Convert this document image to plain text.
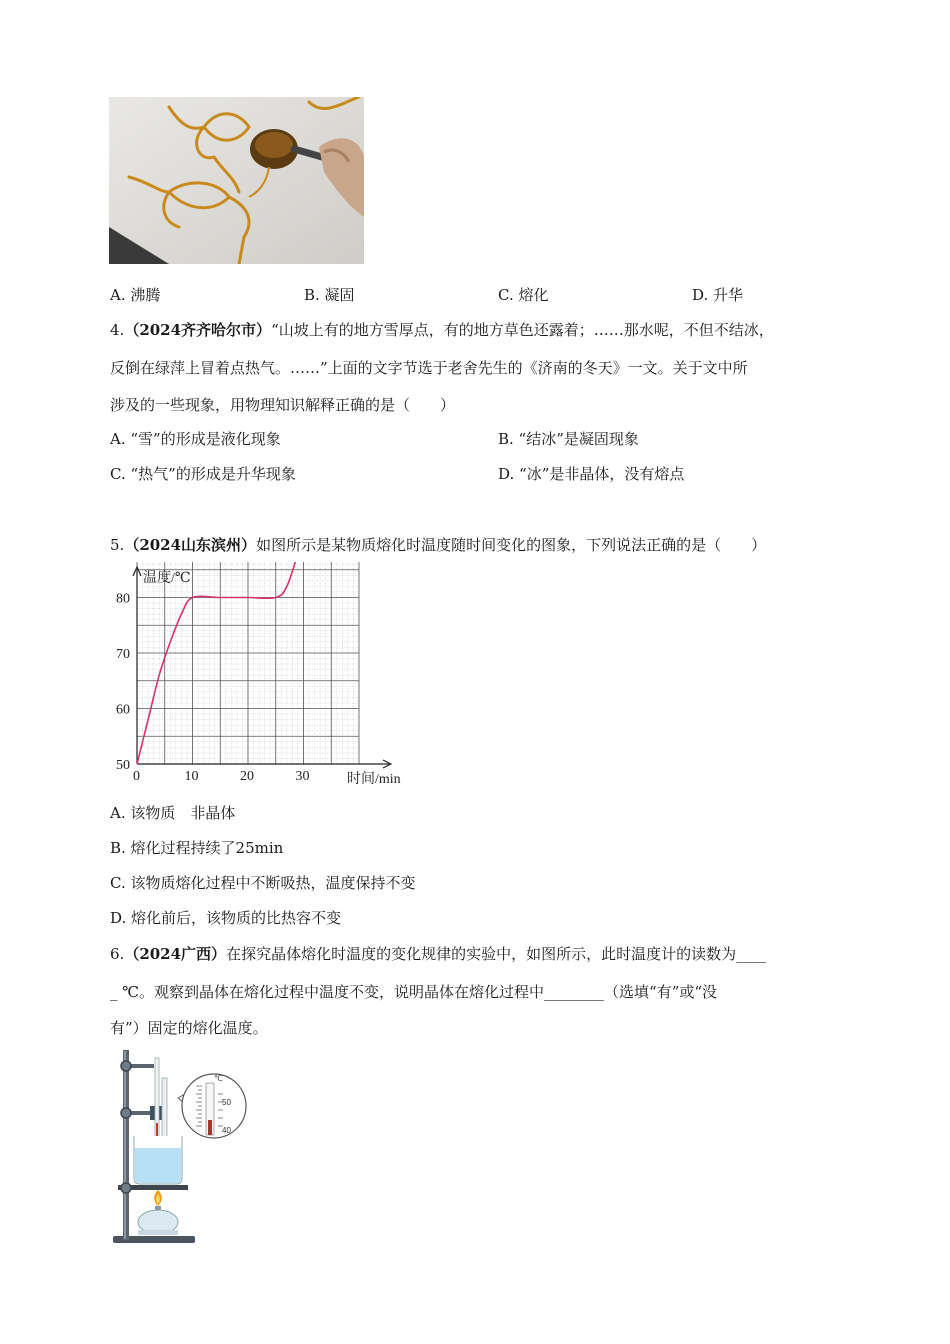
A. 沸腾	B. 凝固	C. 熔化	D. 升华
4.（2024齐齐哈尔市）“山坡上有的地方雪厚点，有的地方草色还露着；……那水呢，不但不结冰，
反倒在绿萍上冒着点热气。……”上面的文字节选于老舍先生的《济南的冬天》一文。关于文中所
涉及的一些现象，用物理知识解释正确的是（　　）
A. “雪”的形成是液化现象	B. “结冰”是凝固现象
C. “热气”的形成是升华现象	D. “冰”是非晶体，没有熔点
5.（2024山东滨州）如图所示是某物质熔化时温度随时间变化的图象，下列说法正确的是（　　）
0	10	20	30
50
60
70
80
温度/℃
时间/min
A. 该物质　非晶体
B. 熔化过程持续了25min
C. 该物质熔化过程中不断吸热，温度保持不变
D. 熔化前后，该物质的比热容不变
6.（2024广西）在探究晶体熔化时温度的变化规律的实验中，如图所示，此时温度计的读数为____
_ ℃。观察到晶体在熔化过程中温度不变，说明晶体在熔化过程中________（选填“有”或“没
有”）固定的熔化温度。
℃
50
40
